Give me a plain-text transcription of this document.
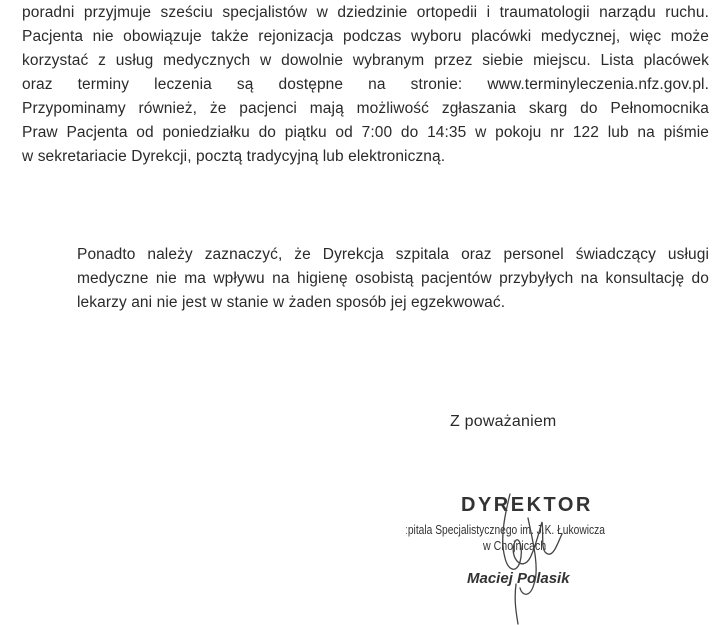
poradni przyjmuje sześciu specjalistów w dziedzinie ortopedii i traumatologii narządu ruchu.
Pacjenta nie obowiązuje także rejonizacja podczas wyboru placówki medycznej, więc może
korzystać z usług medycznych w dowolnie wybranym przez siebie miejscu. Lista placówek
oraz terminy leczenia są dostępne na stronie: www.terminyleczenia.nfz.gov.pl.
Przypominamy również, że pacjenci mają możliwość zgłaszania skarg do Pełnomocnika
Praw Pacjenta od poniedziałku do piątku od 7:00 do 14:35 w pokoju nr 122 lub na piśmie
w sekretariacie Dyrekcji, pocztą tradycyjną lub elektroniczną.
Ponadto należy zaznaczyć, że Dyrekcja szpitala oraz personel świadczący usługi
medyczne nie ma wpływu na higienę osobistą pacjentów przybyłych na konsultację do
lekarzy ani nie jest w stanie w żaden sposób jej egzekwować.
Z poważaniem
DYREKTOR
ːpitala Specjalistycznego im. J.K. Łukowicza
w Chojnicach
Maciej Polasik
